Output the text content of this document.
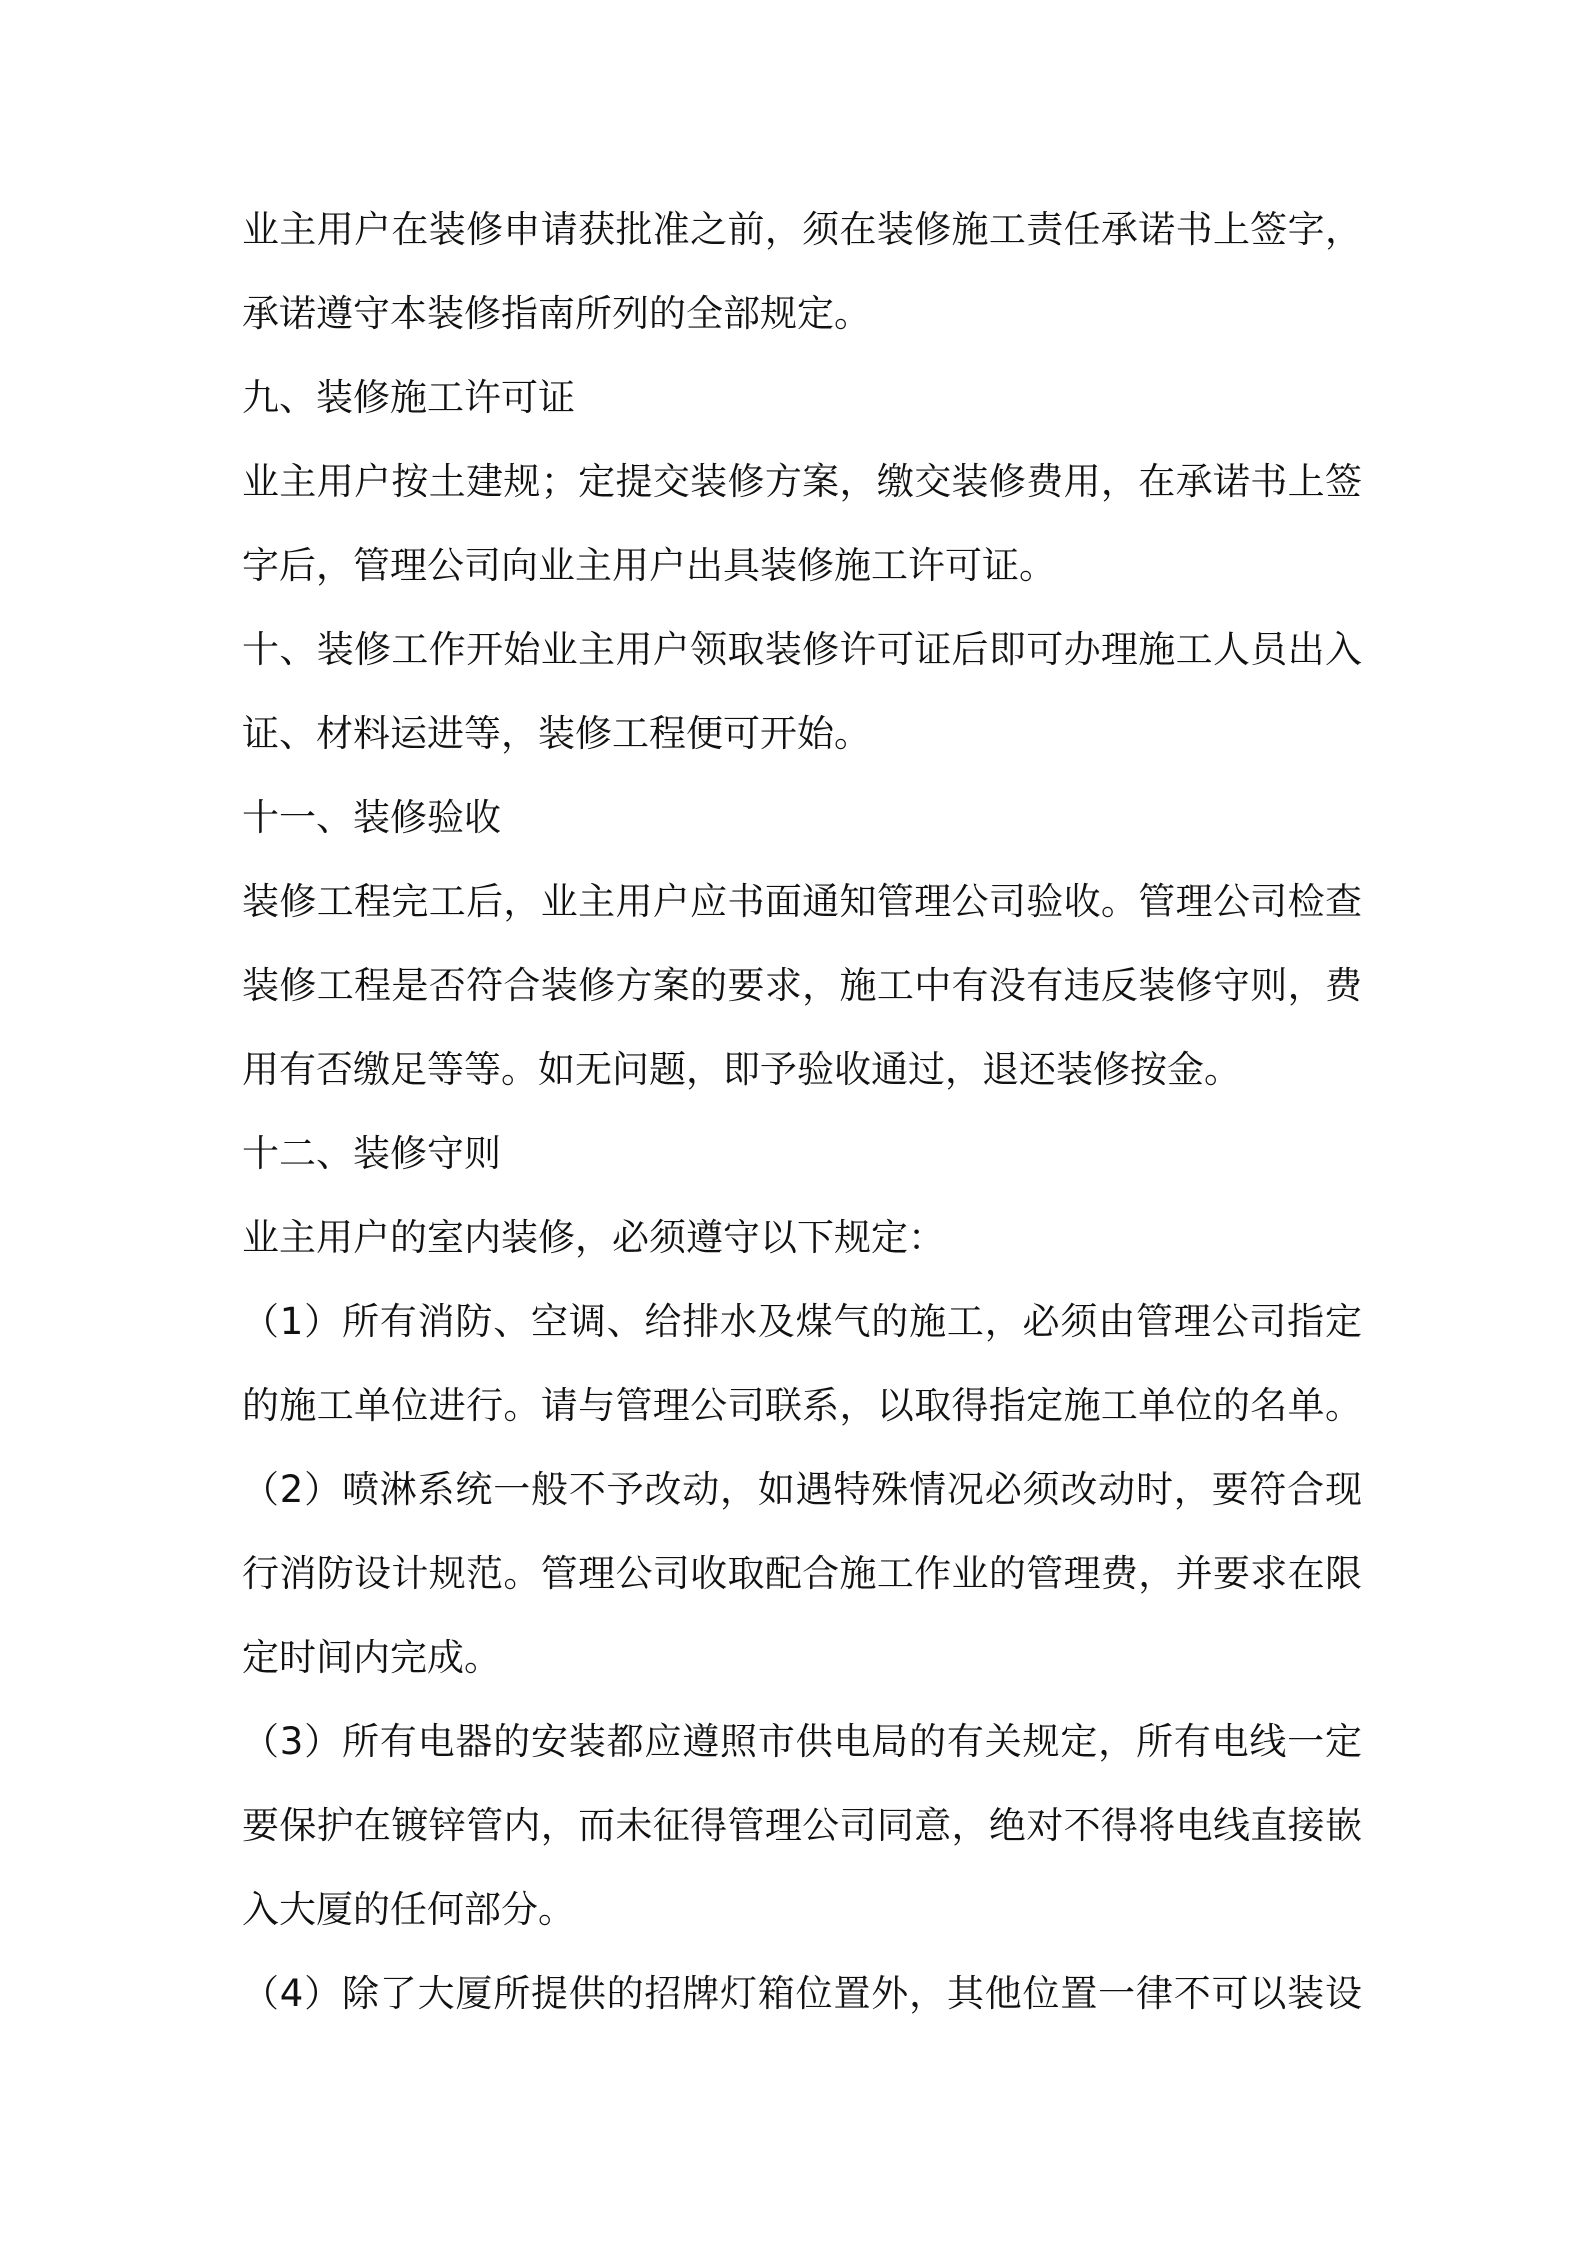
业主用户在装修申请获批准之前，须在装修施工责任承诺书上签字，
承诺遵守本装修指南所列的全部规定。
九、装修施工许可证
业主用户按土建规；定提交装修方案，缴交装修费用，在承诺书上签
字后，管理公司向业主用户出具装修施工许可证。
十、装修工作开始业主用户领取装修许可证后即可办理施工人员出入
证、材料运进等，装修工程便可开始。
十一、装修验收
装修工程完工后，业主用户应书面通知管理公司验收。管理公司检查
装修工程是否符合装修方案的要求，施工中有没有违反装修守则，费
用有否缴足等等。如无问题，即予验收通过，退还装修按金。
十二、装修守则
业主用户的室内装修，必须遵守以下规定：
（1）所有消防、空调、给排水及煤气的施工，必须由管理公司指定
的施工单位进行。请与管理公司联系，以取得指定施工单位的名单。
（2）喷淋系统一般不予改动，如遇特殊情况必须改动时，要符合现
行消防设计规范。管理公司收取配合施工作业的管理费，并要求在限
定时间内完成。
（3）所有电器的安装都应遵照市供电局的有关规定，所有电线一定
要保护在镀锌管内，而未征得管理公司同意，绝对不得将电线直接嵌
入大厦的任何部分。
（4）除了大厦所提供的招牌灯箱位置外，其他位置一律不可以装设
